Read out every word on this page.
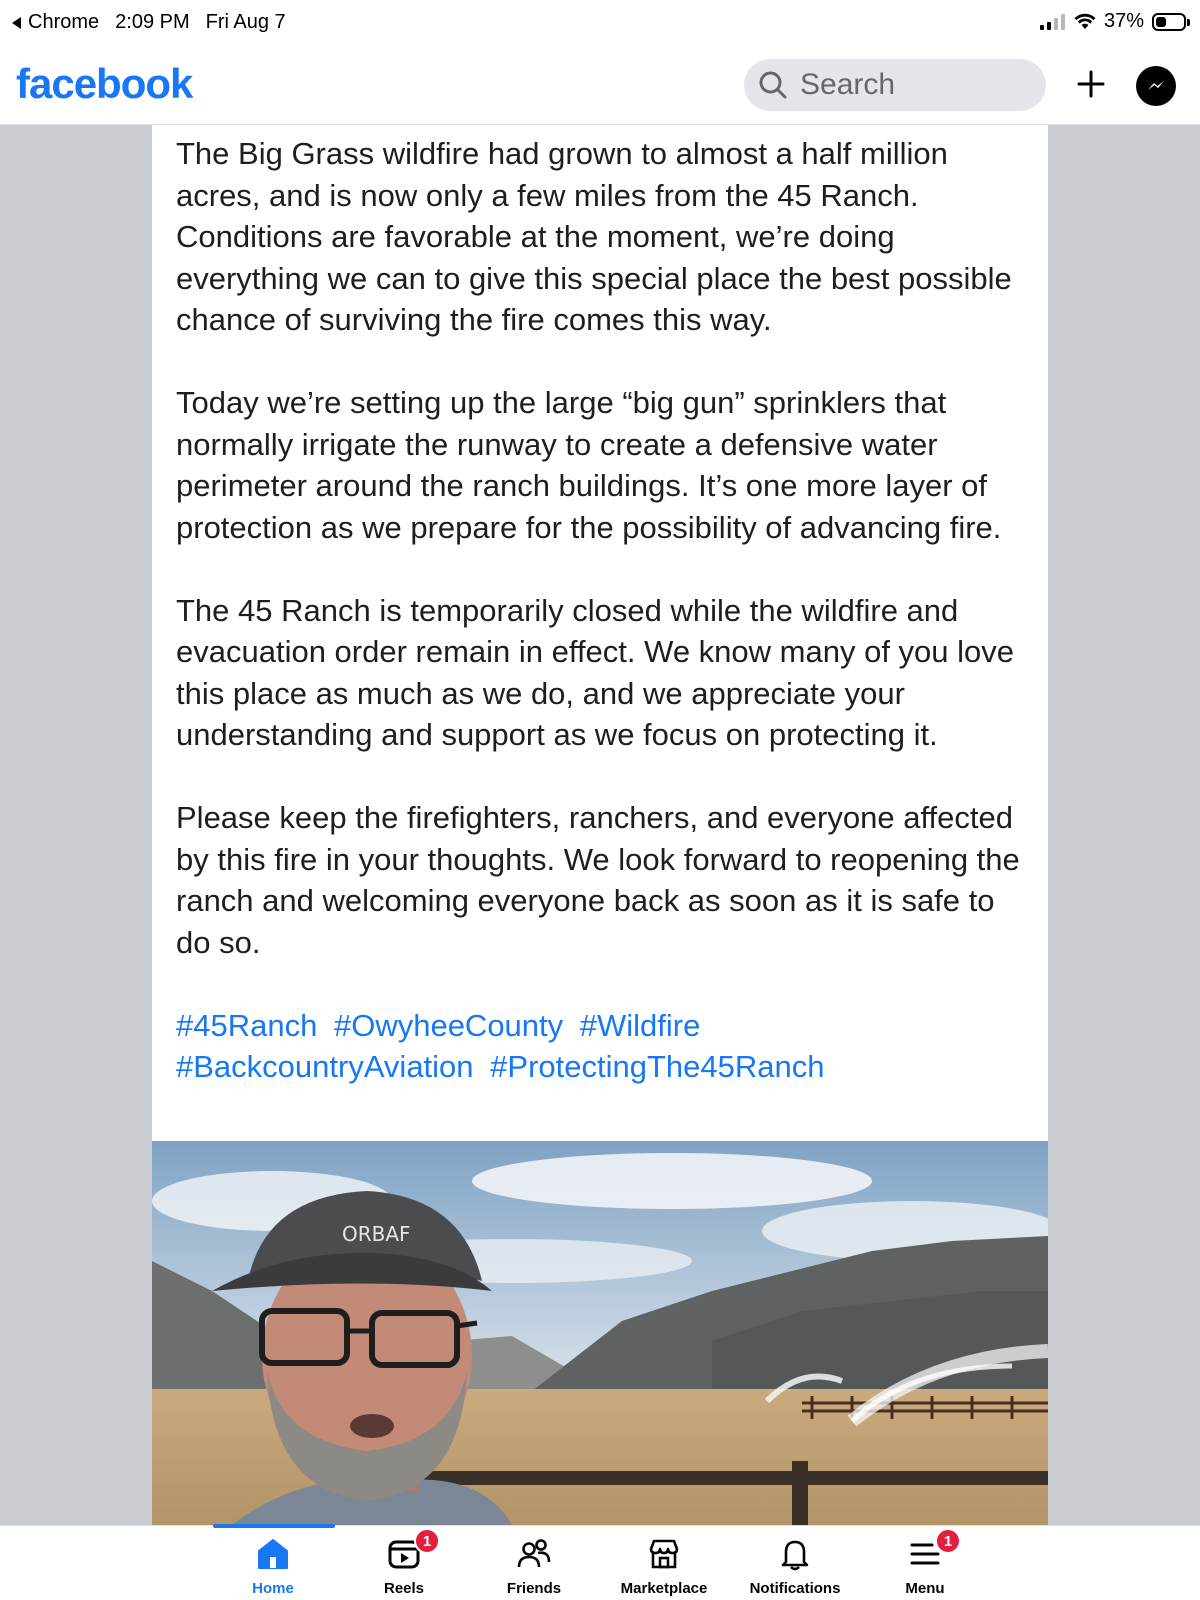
Chrome 2:09 PM Fri Aug 7	37%
facebook	Search

The Big Grass wildfire had grown to almost a half million acres, and is now only a few miles from the 45 Ranch. Conditions are favorable at the moment, we’re doing everything we can to give this special place the best possible chance of surviving the fire comes this way.

Today we’re setting up the large “big gun” sprinklers that normally irrigate the runway to create a defensive water perimeter around the ranch buildings. It’s one more layer of protection as we prepare for the possibility of advancing fire.

The 45 Ranch is temporarily closed while the wildfire and evacuation order remain in effect. We know many of you love this place as much as we do, and we appreciate your understanding and support as we focus on protecting it.

Please keep the firefighters, ranchers, and everyone affected by this fire in your thoughts. We look forward to reopening the ranch and welcoming everyone back as soon as it is safe to do so.

#45Ranch #OwyheeCounty #Wildfire
#BackcountryAviation #ProtectingThe45Ranch
ORBAF
Home
1
Reels	Friends	Marketplace	Notifications
1
Menu
